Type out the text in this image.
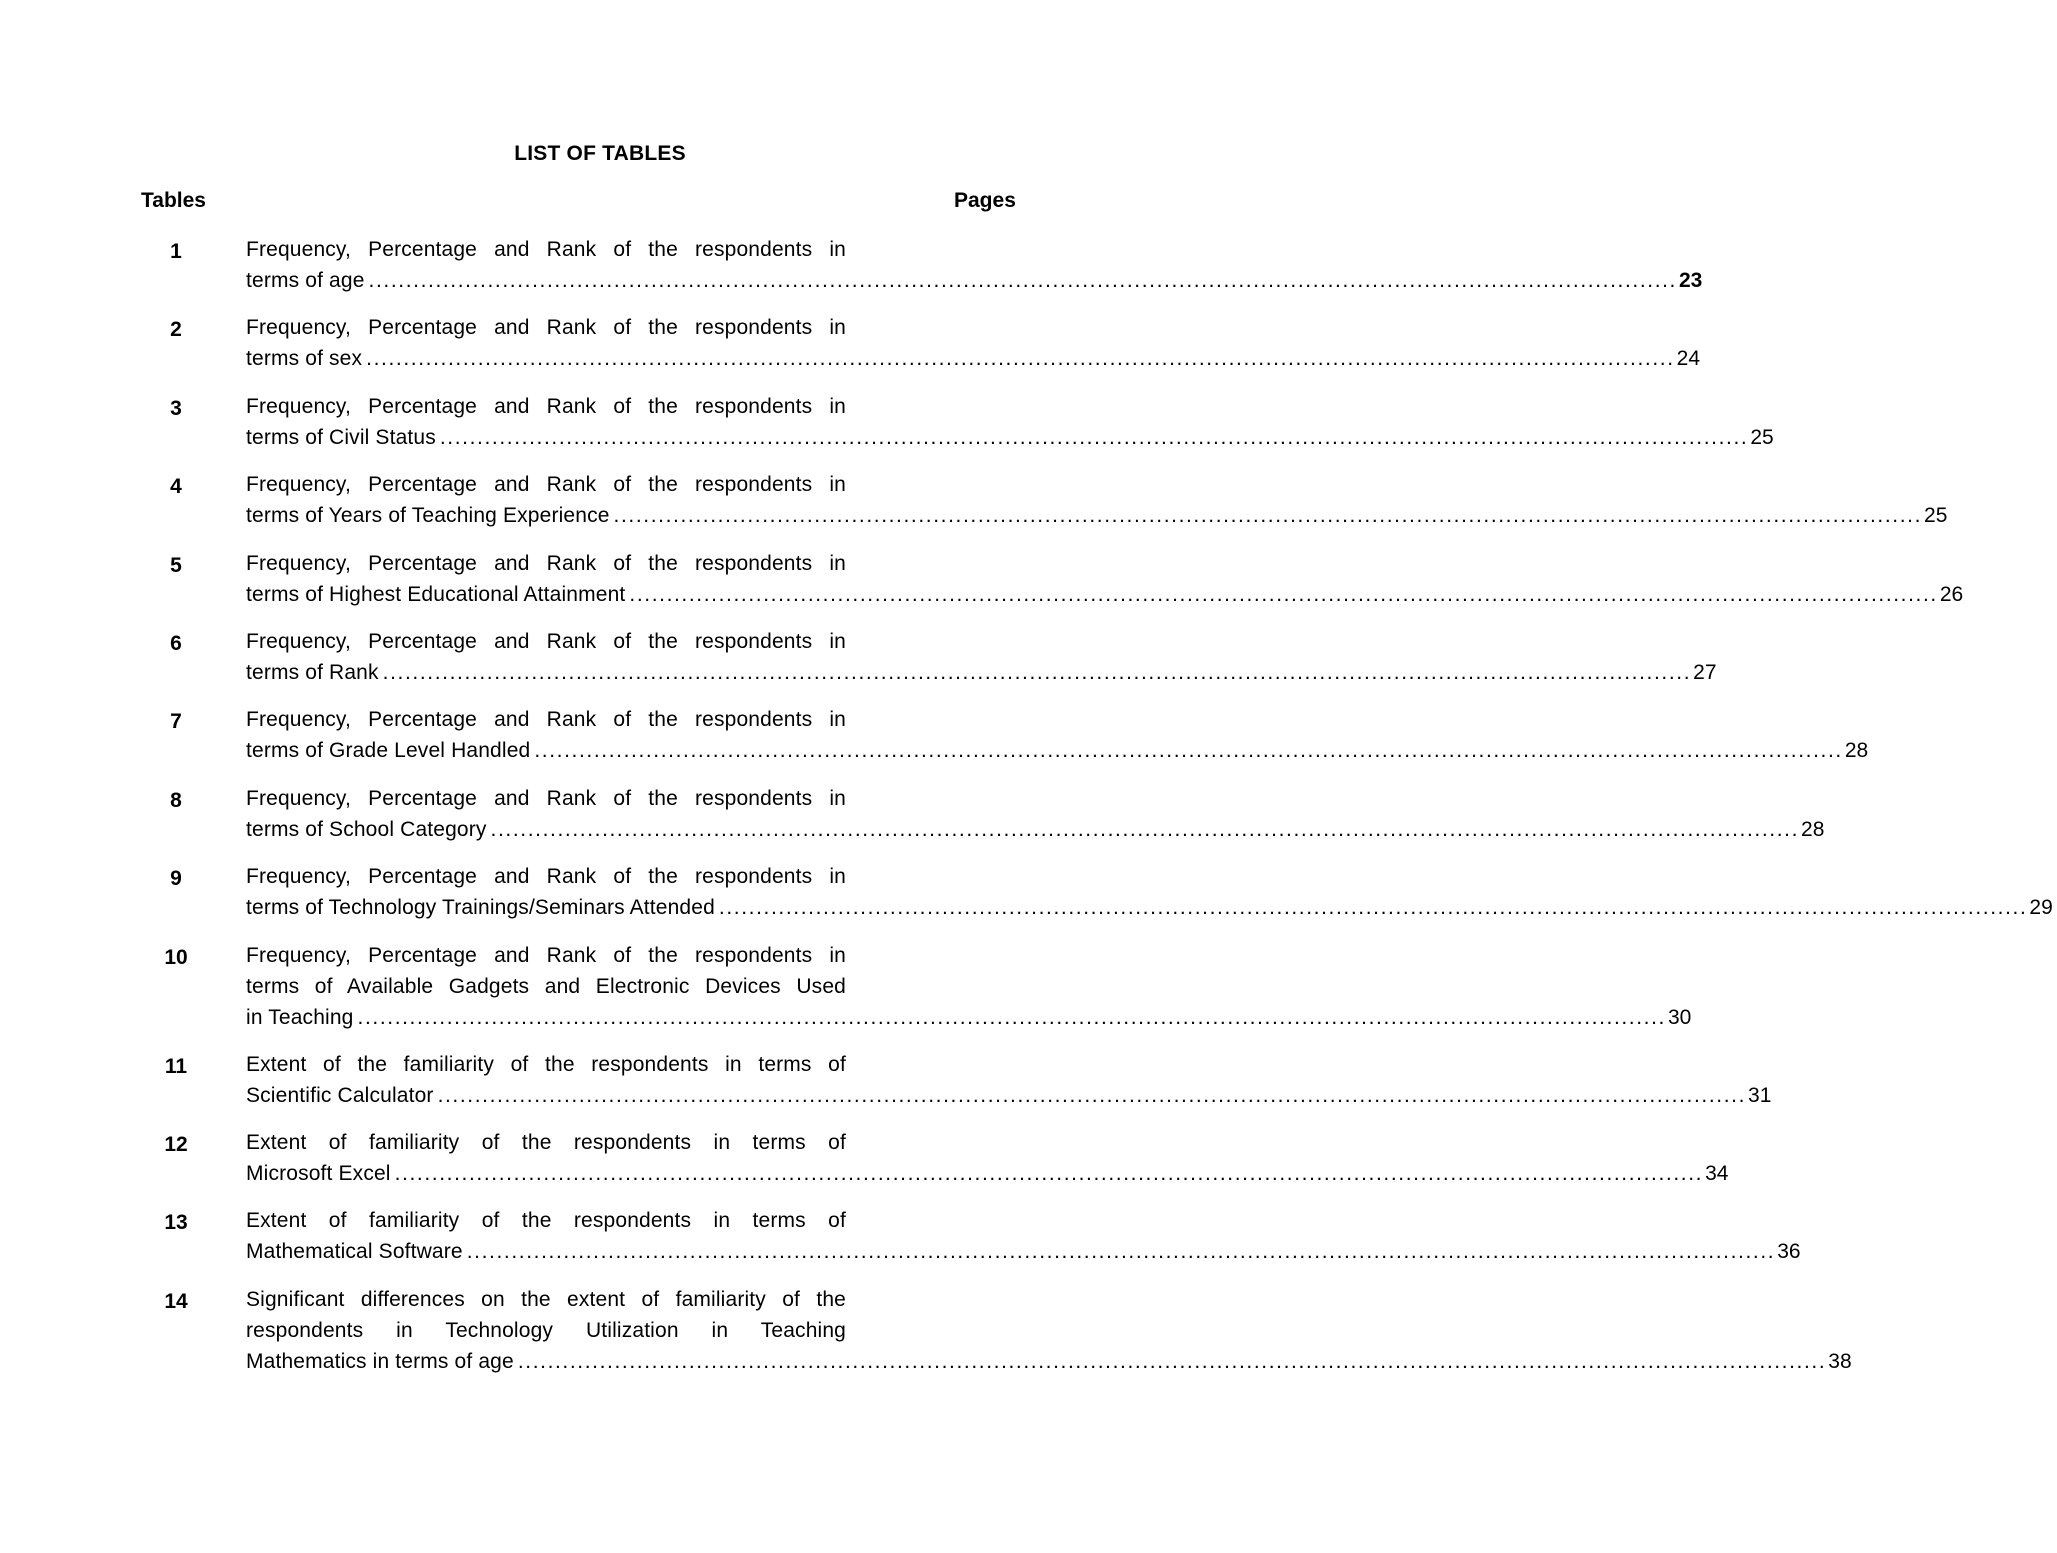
LIST OF TABLES
Tables	Pages
1	Frequency, Percentage and Rank of the respondents in
terms of age ................................................................................................................................................................................ 23
2	Frequency, Percentage and Rank of the respondents in
terms of sex ................................................................................................................................................................................ 24
3	Frequency, Percentage and Rank of the respondents in
terms of Civil Status ................................................................................................................................................................................ 25
4	Frequency, Percentage and Rank of the respondents in
terms of Years of Teaching Experience ................................................................................................................................................................................ 25
5	Frequency, Percentage and Rank of the respondents in
terms of Highest Educational Attainment ................................................................................................................................................................................ 26
6	Frequency, Percentage and Rank of the respondents in
terms of Rank ................................................................................................................................................................................ 27
7	Frequency, Percentage and Rank of the respondents in
terms of Grade Level Handled ................................................................................................................................................................................ 28
8	Frequency, Percentage and Rank of the respondents in
terms of School Category ................................................................................................................................................................................ 28
9	Frequency, Percentage and Rank of the respondents in
terms of Technology Trainings/Seminars Attended ................................................................................................................................................................................ 29
10	Frequency, Percentage and Rank of the respondents in
terms of Available Gadgets and Electronic Devices Used
in Teaching ................................................................................................................................................................................ 30
11	Extent of the familiarity of the respondents in terms of
Scientific Calculator ................................................................................................................................................................................ 31
12	Extent of familiarity of the respondents in terms of
Microsoft Excel ................................................................................................................................................................................ 34
13	Extent of familiarity of the respondents in terms of
Mathematical Software ................................................................................................................................................................................ 36
14	Significant differences on the extent of familiarity of the
respondents in Technology Utilization in Teaching
Mathematics in terms of age ................................................................................................................................................................................ 38
